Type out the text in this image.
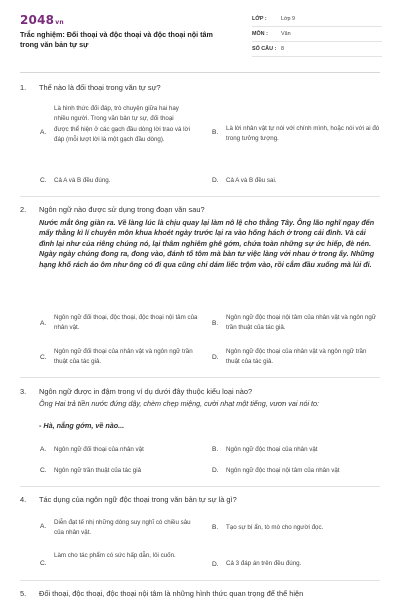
2048vn
Trắc nghiệm: Đối thoại và độc thoại và độc thoại nội tâm trong văn bản tự sự
LỚP :	Lớp 9
MÔN :	Văn
SỐ CÂU : 8
1. Thế nào là đối thoại trong văn tự sự?
A.
Là hình thức đối đáp, trò chuyện giữa hai hay nhiều người. Trong văn bản tự sự, đối thoại được thể hiện ở các gạch đầu dòng lời trao và lời đáp (mỗi lượt lời là một gạch đầu dòng).
B.
Là lời nhân vật tự nói với chính mình, hoặc nói với ai đó trong tưởng tượng.
C. Cả A và B đều đúng.	D. Cả A và B đều sai.
2. Ngôn ngữ nào được sử dụng trong đoạn văn sau?
Nước mắt ông giàn ra. Về làng lúc là chịu quay lại làm nô lệ cho thằng Tây. Ông lão nghĩ ngay đến mấy thằng kì lí chuyên môn khua khoét ngày trước lại ra vào hống hách ở trong cái đình. Và cái đình lại như của riêng chúng nó, lại thâm nghiêm ghê gớm, chứa toàn những sự ức hiếp, đè nén. Ngày ngày chúng đong ra, đong vào, đánh tổ tôm mà bàn tư việc làng với nhau ở trong ấy. Những hạng khố rách áo ôm như ông có đi qua cũng chỉ dám liếc trộm vào, rồi cắm đầu xuống mà lủi đi.
A.
Ngôn ngữ đối thoại, độc thoại, độc thoại nội tâm của nhân vật.
B.
Ngôn ngữ độc thoại nội tâm của nhân vật và ngôn ngữ trần thuật của tác giả.
C.
Ngôn ngữ đối thoại của nhân vật và ngôn ngữ trần thuật của tác giả.
D.
Ngôn ngữ độc thoại của nhân vật và ngôn ngữ trần thuật của tác giả.
3. Ngôn ngữ được in đậm trong ví dụ dưới đây thuộc kiểu loại nào?
Ông Hai trả tiền nước đứng dậy, chèm chẹp miệng, cười nhạt một tiếng, vươn vai nói to:
- Hà, nắng gớm, về nào...
A. Ngôn ngữ đối thoại của nhân vật	B. Ngôn ngữ độc thoại của nhân vật
C. Ngôn ngữ trần thuật của tác giả	D. Ngôn ngữ độc thoại nội tâm của nhân vật
4. Tác dụng của ngôn ngữ độc thoại trong văn bản tự sự là gì?
A.
Diễn đạt tế nhị những dòng suy nghĩ có chiều sâu của nhân vật.
B. Tạo sự bí ẩn, tò mò cho người đọc.
C.
Làm cho tác phẩm có sức hấp dẫn, lôi cuốn.
D. Cả 3 đáp án trên đều đúng.
5. Đối thoại, độc thoại, độc thoại nội tâm là những hình thức quan trọng để thể hiện
